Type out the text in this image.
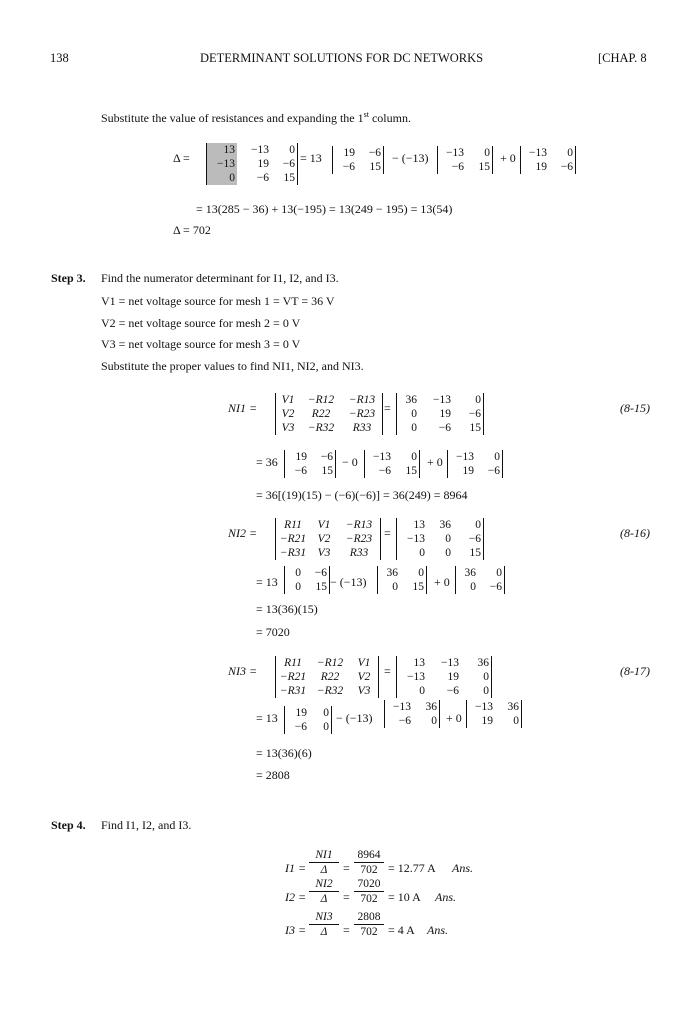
138	DETERMINANT SOLUTIONS FOR DC NETWORKS	[CHAP. 8
Substitute the value of resistances and expanding the 1st column.
Δ =
13	−13	0
−13	19	−6
0	−6	15
= 13 19	−6
−6	15
− (−13) −13	0
−6	15
+ 0 −13	0
19	−6
= 13(285 − 36) + 13(−195) = 13(249 − 195) = 13(54)
Δ = 702
Step 3. Find the numerator determinant for I1, I2, and I3.
V1 = net voltage source for mesh 1 = VT = 36 V
V2 = net voltage source for mesh 2 = 0 V
V3 = net voltage source for mesh 3 = 0 V
Substitute the proper values to find NI1, NI2, and NI3.
NI1 =
V1	−R12	−R13
V2	R22	−R23
V3	−R32	R33
=
36	−13	0
0	19	−6
0	−6	15
(8-15)
= 36 19	−6
−6	15
− 0 −13	0
−6	15
+ 0 −13	0
19	−6
= 36[(19)(15) − (−6)(−6)] = 36(249) = 8964
NI2 =
R11	V1	−R13
−R21	V2	−R23
−R31	V3	R33
=
13	36	0
−13	0	−6
0	0	15
(8-16)
= 13
0	−6
0	15 − (−13)
36	0
0	15 + 0
36	0
0	−6
= 13(36)(15)
= 7020
NI3 =
R11	−R12	V1
−R21	R22	V2
−R31	−R32	V3
=
13	−13	36
−13	19	0
0	−6	0
(8-17)
= 13 19	0
−6	0
− (−13)
−13	36
−6	0 + 0
−13	36
19	0
= 13(36)(6)
= 2808
Step 4. Find I1, I2, and I3.
$I1 = \frac{NI1}{\Delta} = \frac{8964}{702} = 12.77$ A Ans.
$I2 = \frac{NI2}{\Delta} = \frac{7020}{702} = 10$ A Ans.
$I3 = \frac{NI3}{\Delta} = \frac{2808}{702} = 4$ A Ans.
